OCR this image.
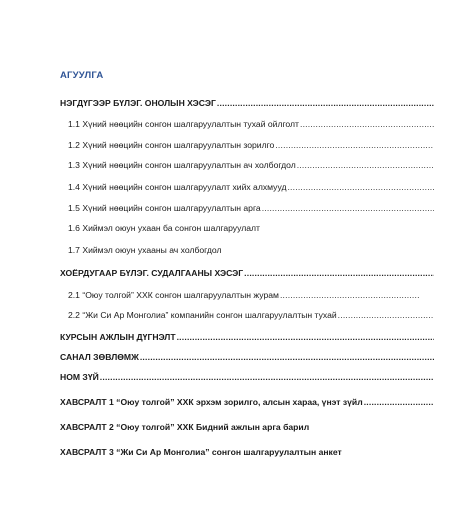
АГУУЛГА
НЭГДҮГЭЭР БҮЛЭГ. ОНОЛЫН ХЭСЭГ
.....
1.1 Хүний нөөцийн сонгон шалгаруулалтын тухай ойлголт
.....
1.2 Хүний нөөцийн сонгон шалгаруулалтын зорилго
.....
1.3 Хүний нөөцийн сонгон шалгаруулалтын ач холбогдол
.....
1.4 Хүний нөөцийн сонгон шалгаруулалт хийх алхмууд
.....
1.5 Хүний нөөцийн сонгон шалгаруулалтын арга
.....
1.6 Хиймэл оюун ухаан ба сонгон шалгаруулалт
1.7 Хиймэл оюун ухааны ач холбогдол
ХОЁРДУГААР БҮЛЭГ. СУДАЛГААНЫ ХЭСЭГ
.....
2.1 “Оюу толгой” ХХК сонгон шалгаруулалтын журам
.....
2.2 “Жи Си Ар Монголиа” компанийн сонгон шалгаруулалтын тухай
.....
КУРСЫН АЖЛЫН ДҮГНЭЛТ
.....
САНАЛ ЗӨВЛӨМЖ
.....
НОМ ЗҮЙ
.....
ХАВСРАЛТ 1 “Оюу толгой” ХХК эрхэм зорилго, алсын хараа, үнэт зүйл
.....
ХАВСРАЛТ 2 “Оюу толгой” ХХК Бидний ажлын арга барил
ХАВСРАЛТ 3 “Жи Си Ар Монголиа” сонгон шалгаруулалтын анкет
